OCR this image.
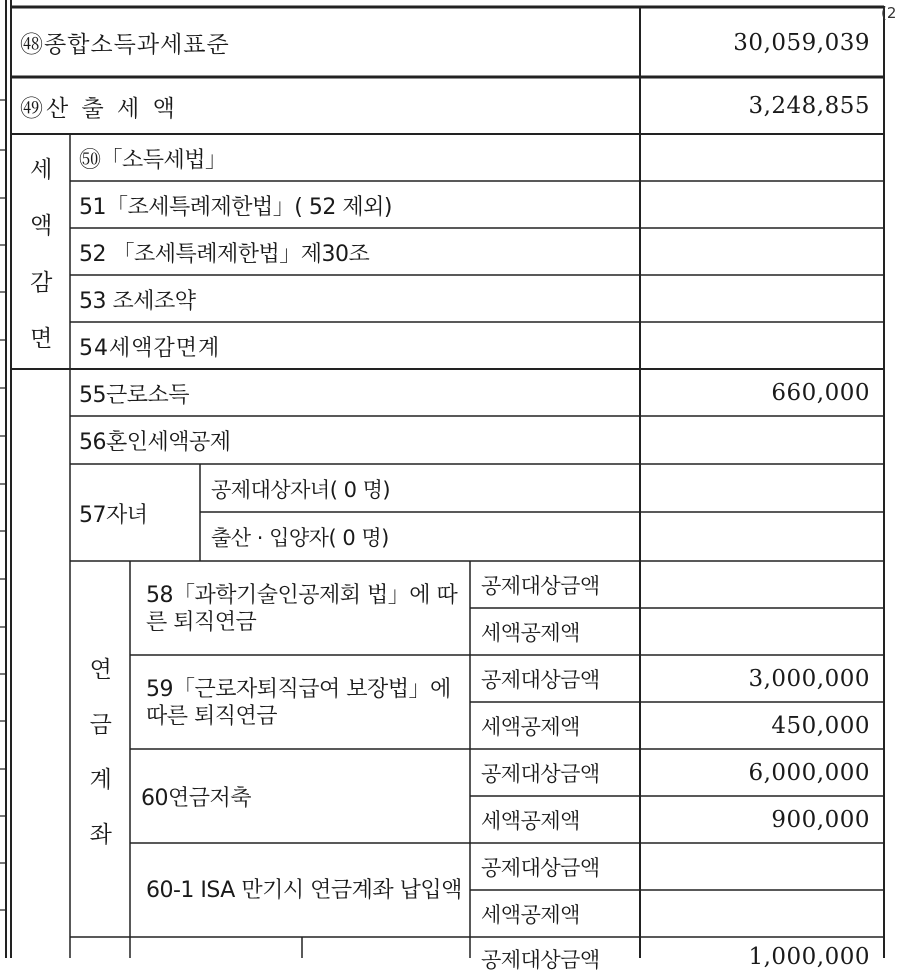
(2
㊽종합소득과세표준	30,059,039
㊾산 출 세 액	3,248,855
세
액
감
면
㊿「소득세법」
51「조세특례제한법」( 52 제외)
52 「조세특례제한법」제30조
53 조세조약
54세액감면계
55근로소득	660,000
56혼인세액공제
57자녀
공제대상자녀( 0 명)
출산 · 입양자( 0 명)
연
금
계
좌
58「과학기술인공제회 법」에 따른 퇴직연금
공제대상금액
세액공제액
59「근로자퇴직급여 보장법」에 따른 퇴직연금
공제대상금액	3,000,000
세액공제액	450,000
60연금저축
공제대상금액	6,000,000
세액공제액	900,000
60-1 ISA 만기시 연금계좌 납입액
공제대상금액
세액공제액
공제대상금액	1,000,000
